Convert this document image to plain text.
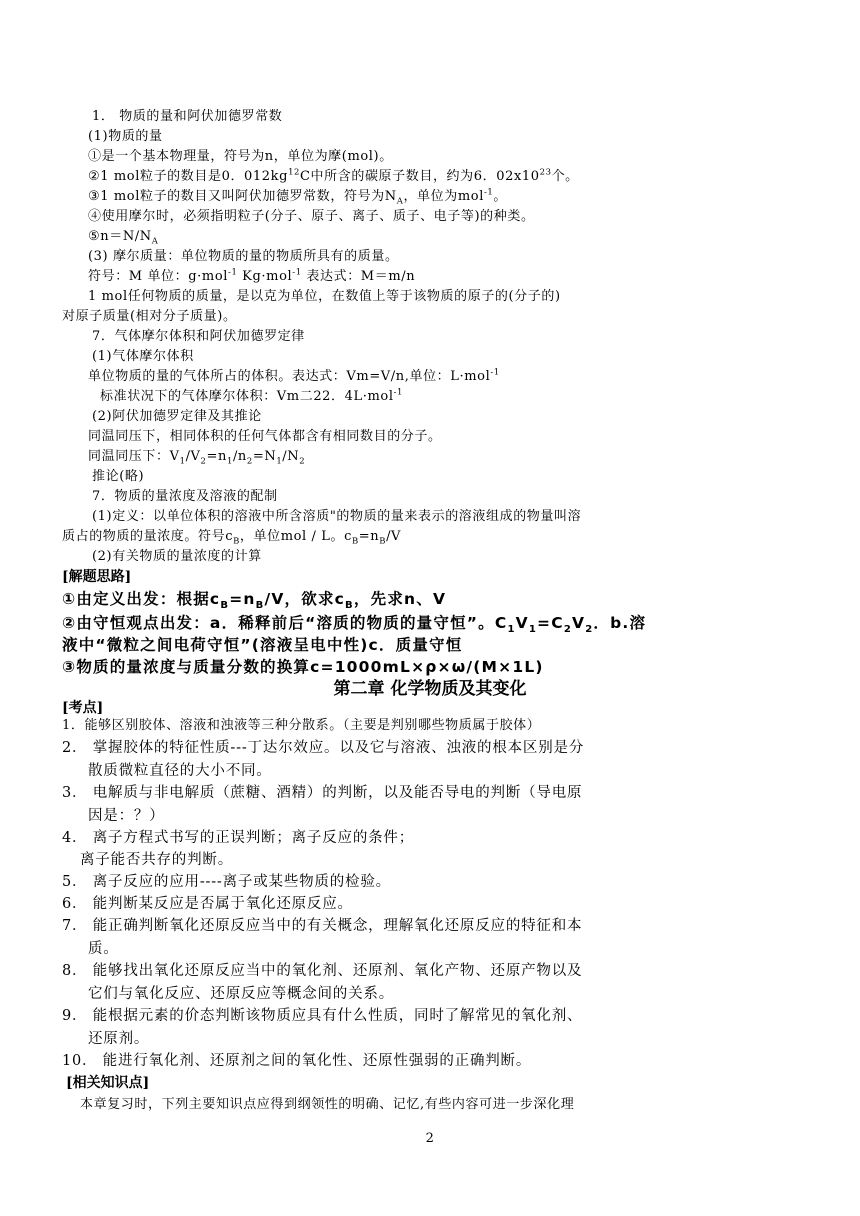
1． 物质的量和阿伏加德罗常数
(1)物质的量
①是一个基本物理量，符号为n，单位为摩(mol)。
②1 mol粒子的数目是0．$012kg^{12}C$中所含的碳原子数目，约为6．$02x10^{23}$个。
③1 mol粒子的数目又叫阿伏加德罗常数，符号为$N_A$，单位为mol$^{-1}$。
④使用摩尔时，必须指明粒子(分子、原子、离子、质子、电子等)的种类。
$⑤n=N/N_A$
(3) 摩尔质量：单位物质的量的物质所具有的质量。
符号：M 单位：g·mol$^{-1}$ Kg·mol$^{-1}$ 表达式：M＝m/n
1 mol任何物质的质量，是以克为单位，在数值上等于该物质的原子的(分子的)
对原子质量(相对分子质量)。
7．气体摩尔体积和阿伏加德罗定律
(1)气体摩尔体积
单位物质的量的气体所占的体积。表达式：Vm=V/n,单位：L·mol$^{-1}$
标准状况下的气体摩尔体积：Vm二22．4L·mol$^{-1}$
(2)阿伏加德罗定律及其推论
同温同压下，相同体积的任何气体都含有相同数目的分子。
同温同压下：$V_1/V_2=n_1/n_2=N_1/N_2$
推论(略)
7．物质的量浓度及溶液的配制
(1)定义：以单位体积的溶液中所含溶质"的物质的量来表示的溶液组成的物量叫溶
质占的物质的量浓度。符号$c_B$，单位mol / L。$c_B=n_B/V$
(2)有关物质的量浓度的计算
[解题思路]
①由定义出发：根据$c_B=n_B/V$，欲求$c_B$，先求n、V
②由守恒观点出发：a．稀释前后“溶质的物质的量守恒”。$C_1V_1=C_2V_2$．b.溶
液中“微粒之间电荷守恒”(溶液呈电中性)c．质量守恒
③物质的量浓度与质量分数的换算c=1000mL×ρ×ω/(M×1L)
第二章 化学物质及其变化
[考点]
1．能够区别胶体、溶液和浊液等三种分散系。（主要是判别哪些物质属于胶体）
2． 掌握胶体的特征性质---丁达尔效应。以及它与溶液、浊液的根本区别是分
散质微粒直径的大小不同。
3． 电解质与非电解质（蔗糖、酒精）的判断，以及能否导电的判断（导电原
因是：？）
4． 离子方程式书写的正误判断；离子反应的条件；
离子能否共存的判断。
5． 离子反应的应用----离子或某些物质的检验。
6． 能判断某反应是否属于氧化还原反应。
7． 能正确判断氧化还原反应当中的有关概念，理解氧化还原反应的特征和本
质。
8． 能够找出氧化还原反应当中的氧化剂、还原剂、氧化产物、还原产物以及
它们与氧化反应、还原反应等概念间的关系。
9． 能根据元素的价态判断该物质应具有什么性质，同时了解常见的氧化剂、
还原剂。
10． 能进行氧化剂、还原剂之间的氧化性、还原性强弱的正确判断。
[相关知识点]
本章复习时，下列主要知识点应得到纲领性的明确、记忆,有些内容可进一步深化理
2
